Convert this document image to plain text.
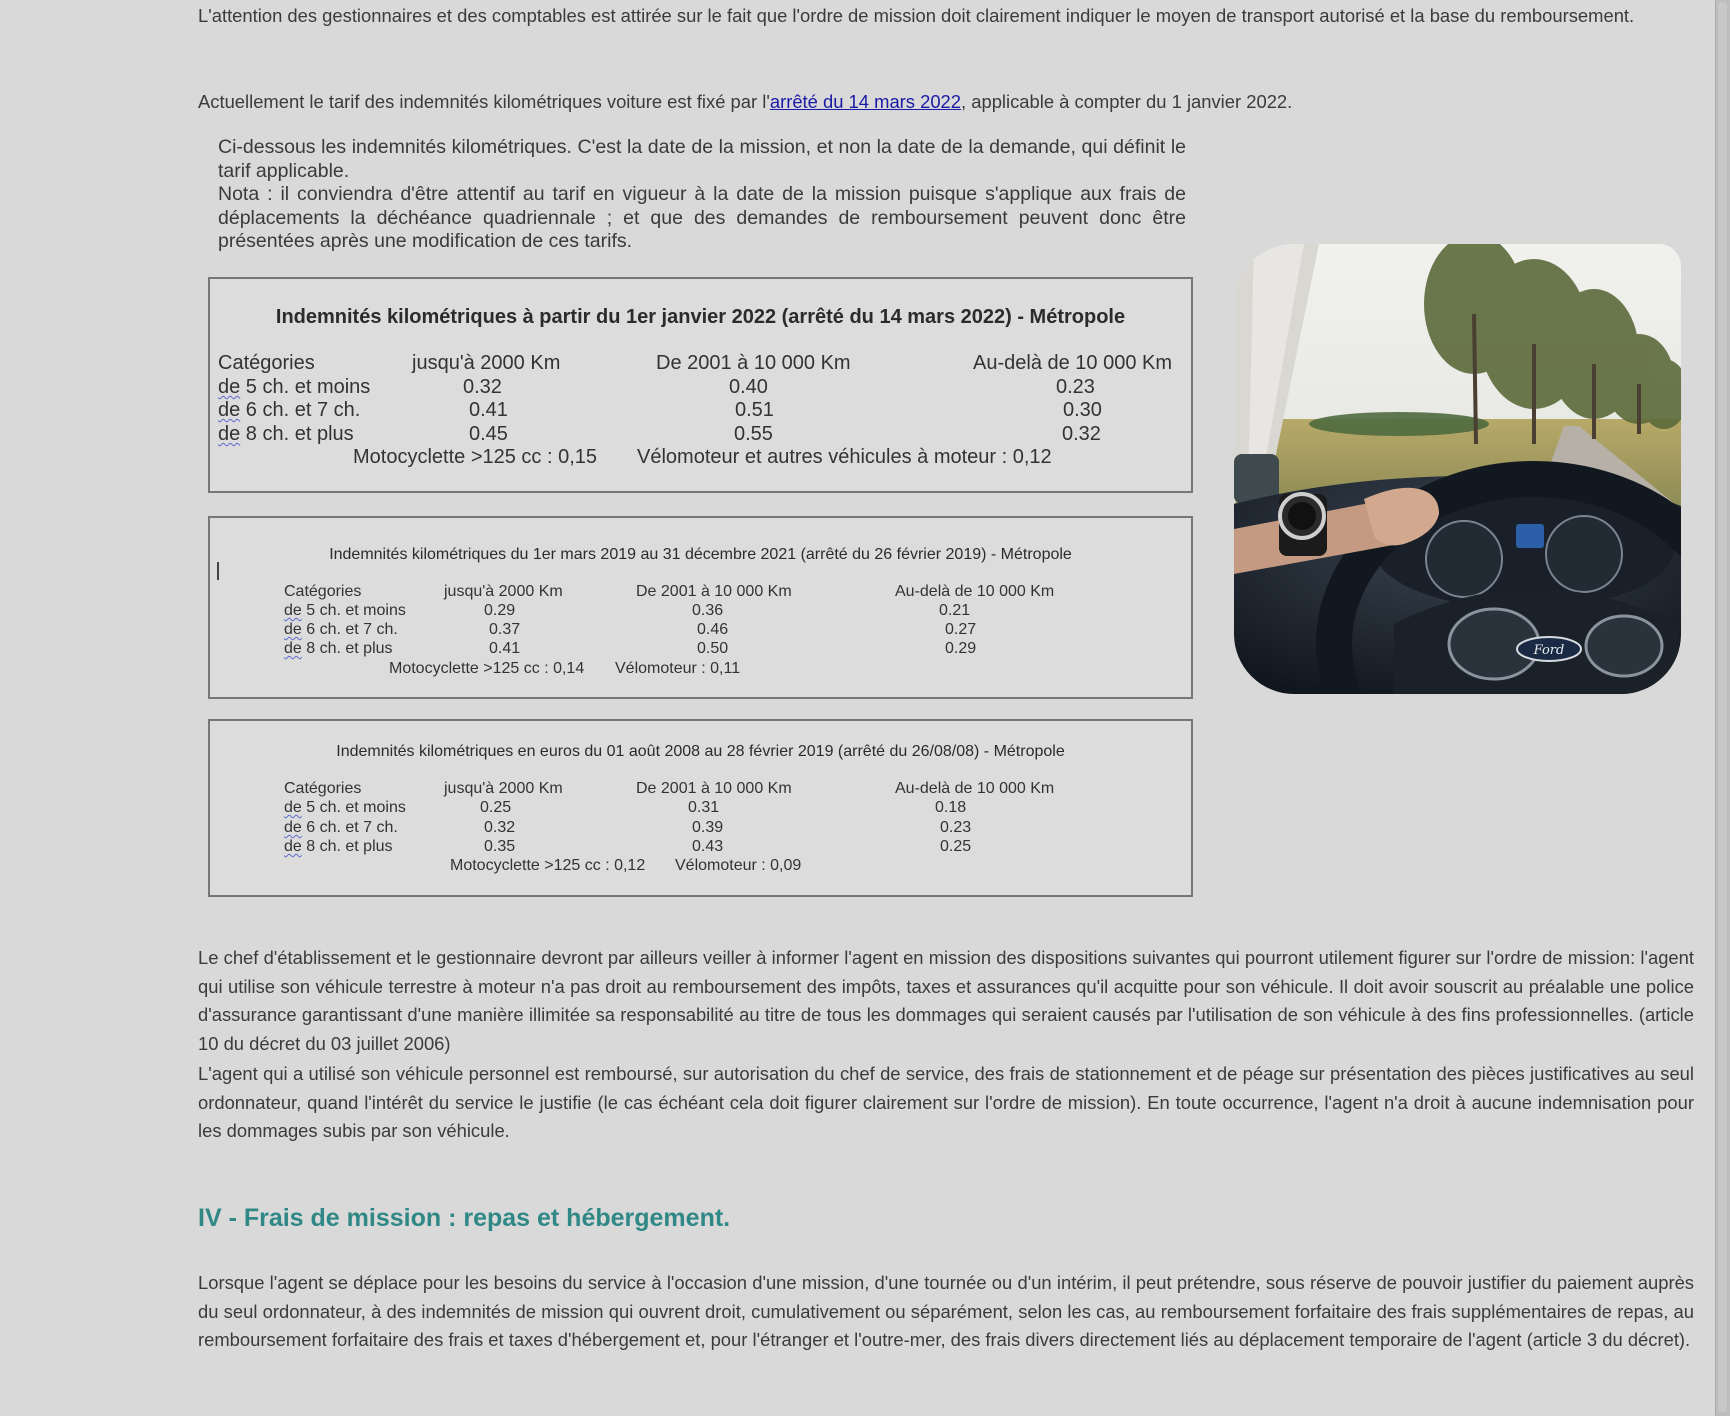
L'attention des gestionnaires et des comptables est attirée sur le fait que l'ordre de mission doit clairement indiquer le moyen de transport autorisé et la base du remboursement.
Actuellement le tarif des indemnités kilométriques voiture est fixé par l'arrêté du 14 mars 2022, applicable à compter du 1 janvier 2022.

Ci-dessous les indemnités kilométriques. C'est la date de la mission, et non la date de la demande, qui définit le tarif applicable.

Nota : il conviendra d'être attentif au tarif en vigueur à la date de la mission puisque s'applique aux frais de déplacements la déchéance quadriennale ; et que des demandes de remboursement peuvent donc être présentées après une modification de ces tarifs.

Indemnités kilométriques à partir du 1er janvier 2022 (arrêté du 14 mars 2022) - Métropole
Catégories	jusqu'à 2000 Km	De 2001 à 10 000 Km	Au-delà de 10 000 Km
de 5 ch. et moins	0.32	0.40	0.23
de 6 ch. et 7 ch.	0.41	0.51	0.30
de 8 ch. et plus	0.45	0.55	0.32
Motocyclette >125 cc : 0,15 Vélomoteur et autres véhicules à moteur : 0,12
Indemnités kilométriques du 1er mars 2019 au 31 décembre 2021 (arrêté du 26 février 2019) - Métropole
Catégories	jusqu'à 2000 Km	De 2001 à 10 000 Km	Au-delà de 10 000 Km
de 5 ch. et moins	0.29	0.36	0.21
de 6 ch. et 7 ch.	0.37	0.46	0.27
de 8 ch. et plus	0.41	0.50	0.29
Motocyclette >125 cc : 0,14 Vélomoteur : 0,11
Indemnités kilométriques en euros du 01 août 2008 au 28 février 2019 (arrêté du 26/08/08) - Métropole
Catégories	jusqu'à 2000 Km	De 2001 à 10 000 Km	Au-delà de 10 000 Km
de 5 ch. et moins	0.25	0.31	0.18
de 6 ch. et 7 ch.	0.32	0.39	0.23
de 8 ch. et plus	0.35	0.43	0.25
Motocyclette >125 cc : 0,12 Vélomoteur : 0,09
Ford
Le chef d'établissement et le gestionnaire devront par ailleurs veiller à informer l'agent en mission des dispositions suivantes qui pourront utilement figurer sur l'ordre de mission: l'agent qui utilise son véhicule terrestre à moteur n'a pas droit au remboursement des impôts, taxes et assurances qu'il acquitte pour son véhicule. Il doit avoir souscrit au préalable une police d'assurance garantissant d'une manière illimitée sa responsabilité au titre de tous les dommages qui seraient causés par l'utilisation de son véhicule à des fins professionnelles. (article 10 du décret du 03 juillet 2006)
L'agent qui a utilisé son véhicule personnel est remboursé, sur autorisation du chef de service, des frais de stationnement et de péage sur présentation des pièces justificatives au seul ordonnateur, quand l'intérêt du service le justifie (le cas échéant cela doit figurer clairement sur l'ordre de mission). En toute occurrence, l'agent n'a droit à aucune indemnisation pour les dommages subis par son véhicule.
IV - Frais de mission : repas et hébergement.
Lorsque l'agent se déplace pour les besoins du service à l'occasion d'une mission, d'une tournée ou d'un intérim, il peut prétendre, sous réserve de pouvoir justifier du paiement auprès du seul ordonnateur, à des indemnités de mission qui ouvrent droit, cumulativement ou séparément, selon les cas, au remboursement forfaitaire des frais supplémentaires de repas, au remboursement forfaitaire des frais et taxes d'hébergement et, pour l'étranger et l'outre-mer, des frais divers directement liés au déplacement temporaire de l'agent (article 3 du décret).
